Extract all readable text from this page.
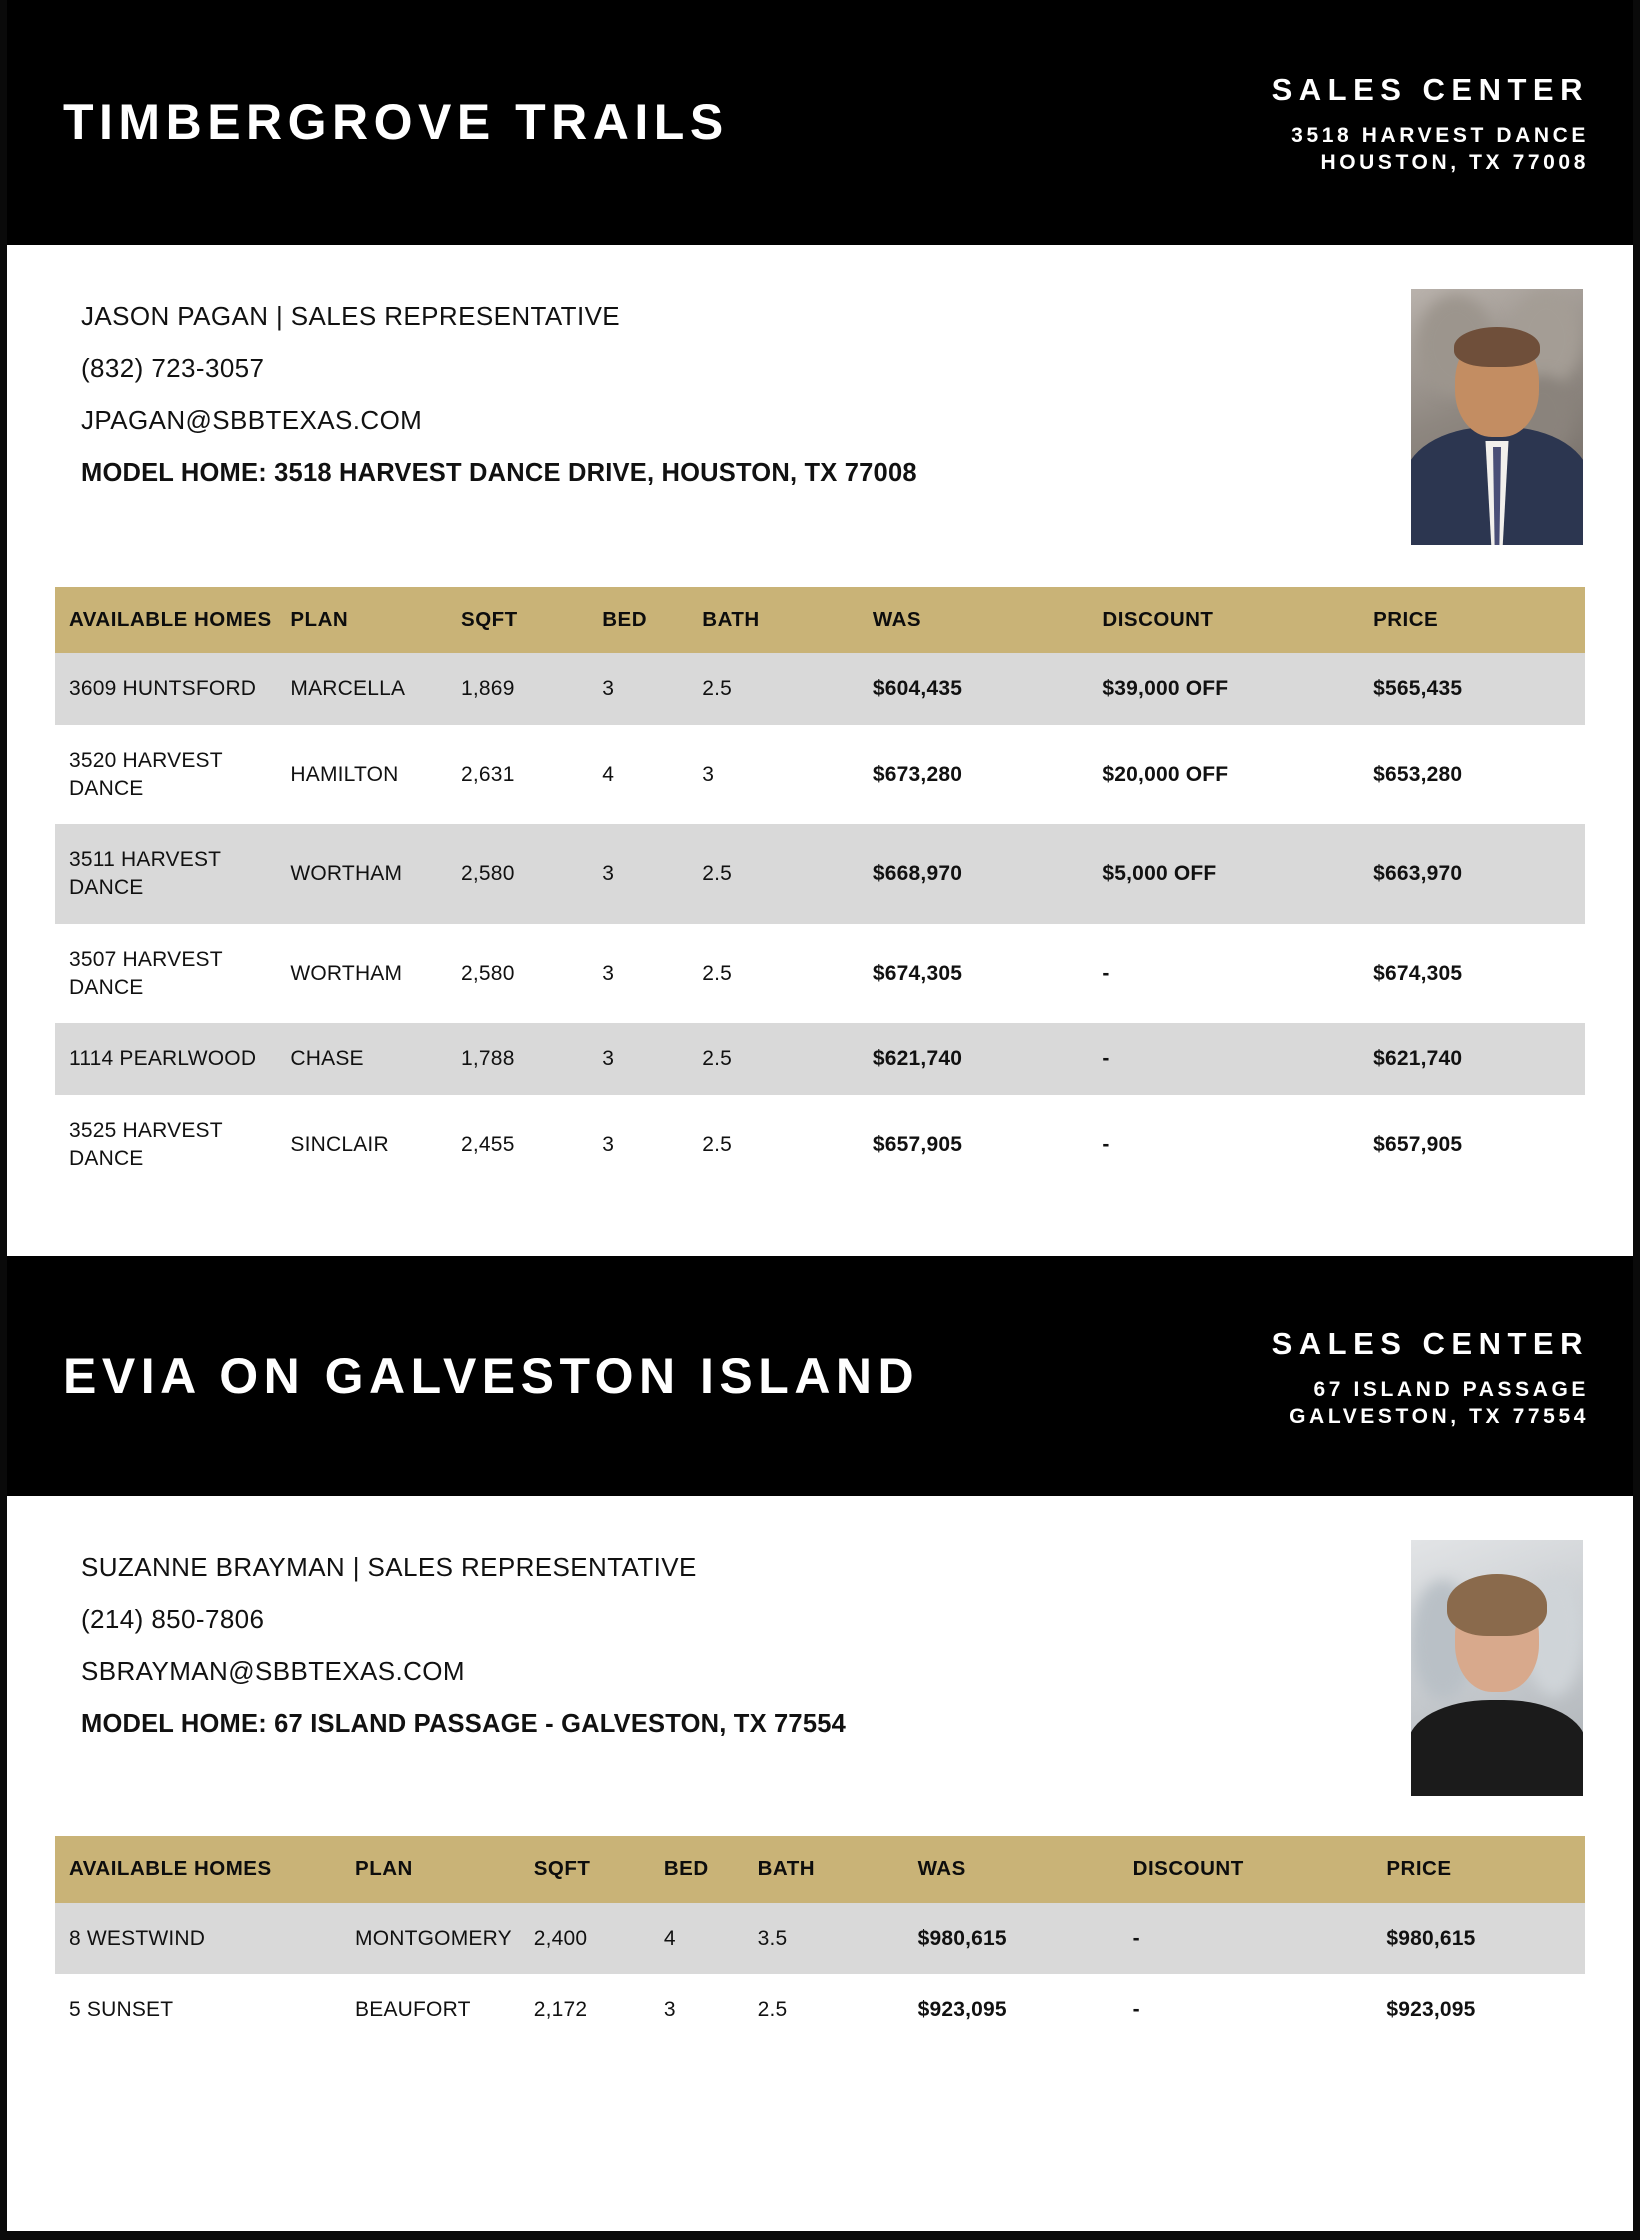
TIMBERGROVE TRAILS
SALES CENTER
3518 HARVEST DANCE
HOUSTON, TX 77008

JASON PAGAN | SALES REPRESENTATIVE

(832) 723-3057

JPAGAN@SBBTEXAS.COM

MODEL HOME: 3518 HARVEST DANCE DRIVE, HOUSTON, TX 77008

AVAILABLE HOMES	PLAN	SQFT	BED	BATH	WAS	DISCOUNT	PRICE
3609 HUNTSFORD	MARCELLA	1,869	3	2.5	$604,435	$39,000 OFF	$565,435
3520 HARVEST DANCE	HAMILTON	2,631	4	3	$673,280	$20,000 OFF	$653,280
3511 HARVEST DANCE	WORTHAM	2,580	3	2.5	$668,970	$5,000 OFF	$663,970
3507 HARVEST DANCE	WORTHAM	2,580	3	2.5	$674,305	-	$674,305
1114 PEARLWOOD	CHASE	1,788	3	2.5	$621,740	-	$621,740
3525 HARVEST DANCE	SINCLAIR	2,455	3	2.5	$657,905	-	$657,905
EVIA ON GALVESTON ISLAND
SALES CENTER
67 ISLAND PASSAGE
GALVESTON, TX 77554

SUZANNE BRAYMAN | SALES REPRESENTATIVE

(214) 850-7806

SBRAYMAN@SBBTEXAS.COM

MODEL HOME: 67 ISLAND PASSAGE - GALVESTON, TX 77554

AVAILABLE HOMES	PLAN	SQFT	BED	BATH	WAS	DISCOUNT	PRICE
8 WESTWIND	MONTGOMERY	2,400	4	3.5	$980,615	-	$980,615
5 SUNSET	BEAUFORT	2,172	3	2.5	$923,095	-	$923,095
